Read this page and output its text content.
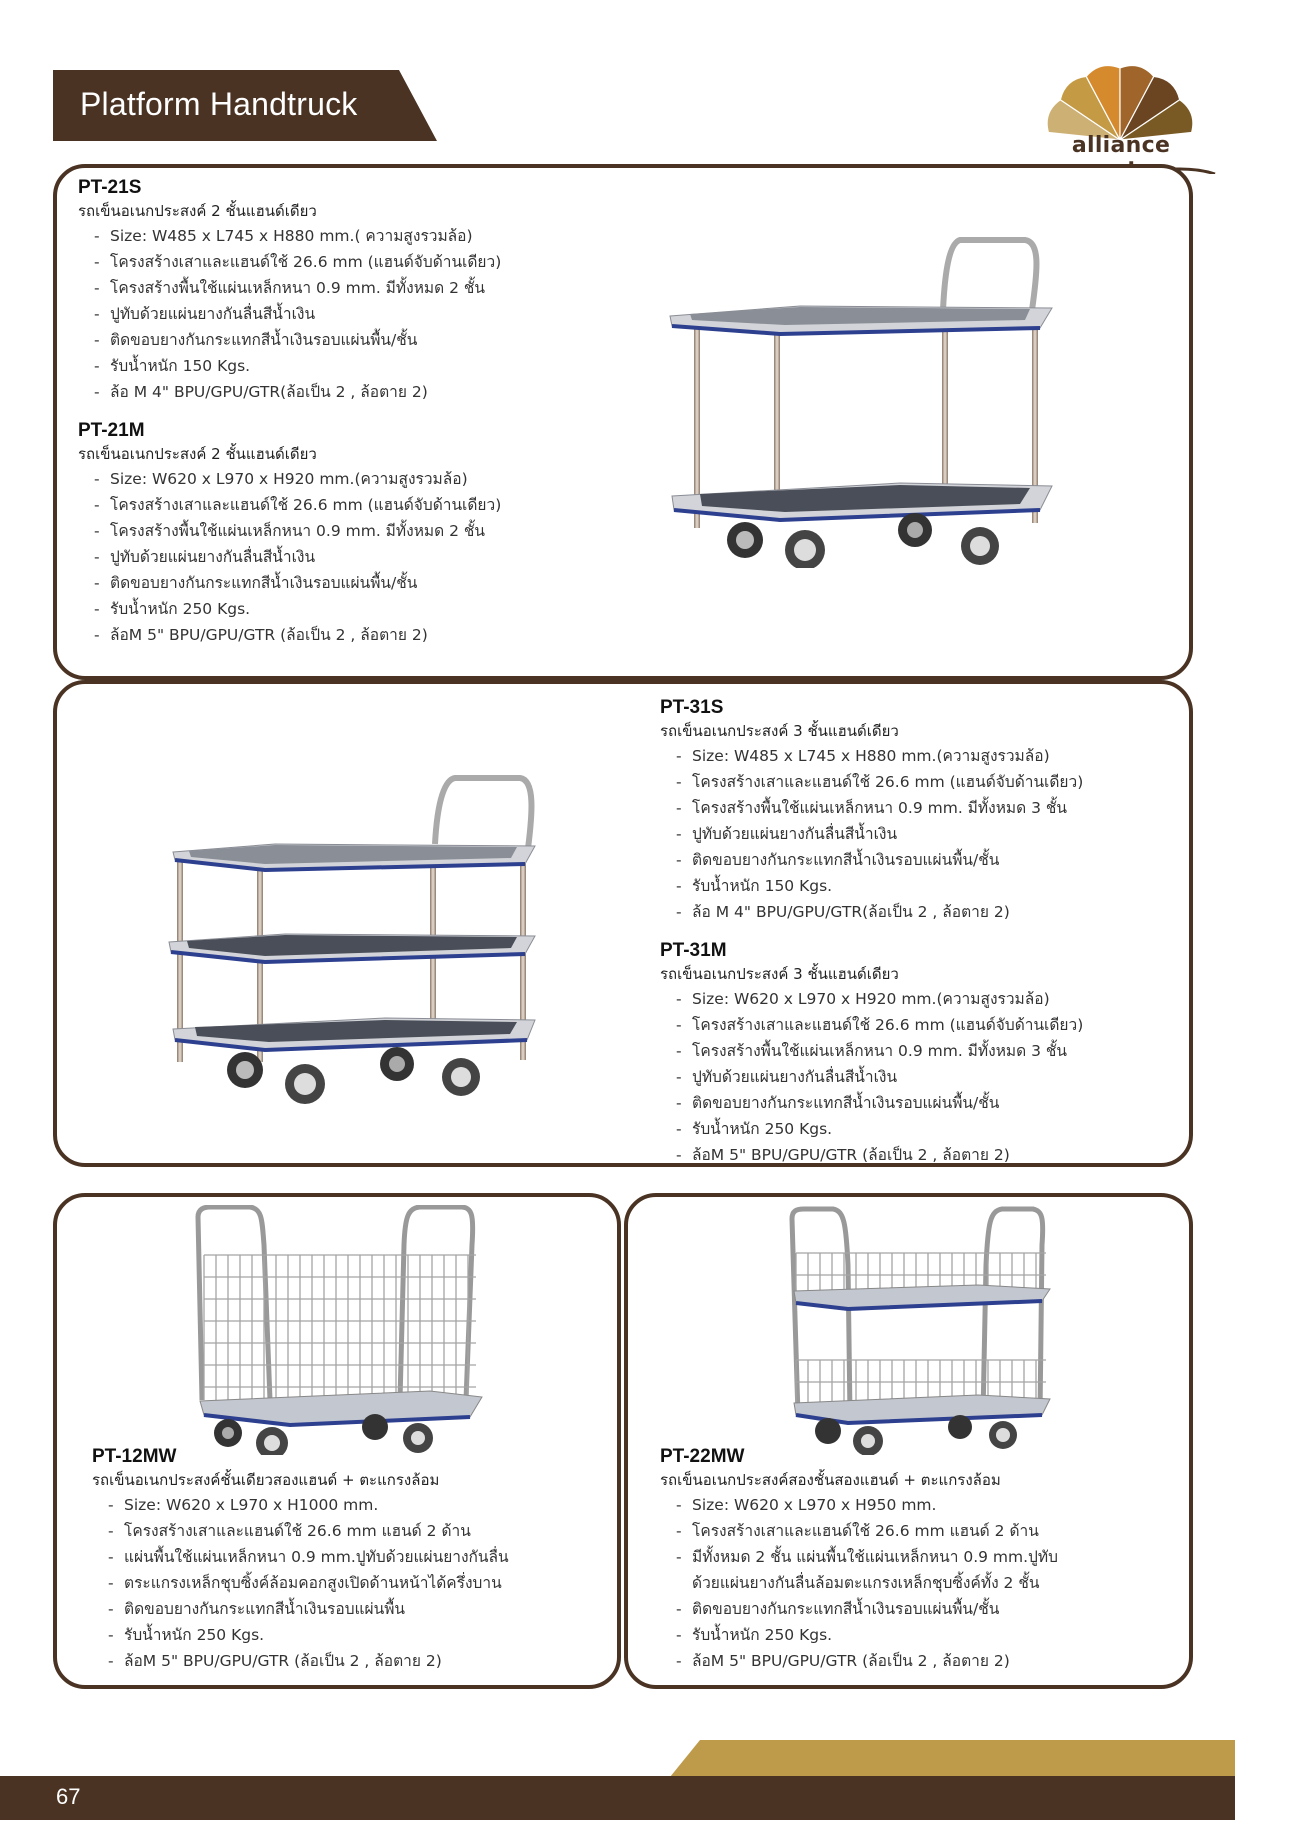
Platform Handtruck
alliance
PT-21S
รถเข็นอเนกประสงค์ 2 ชั้นแฮนด์เดียว
- Size: W485 x L745 x H880 mm.( ความสูงรวมล้อ)
- โครงสร้างเสาและแฮนด์ใช้ 26.6 mm (แฮนด์จับด้านเดียว)
- โครงสร้างพื้นใช้แผ่นเหล็กหนา 0.9 mm. มีทั้งหมด 2 ชั้น
- ปูทับด้วยแผ่นยางกันลื่นสีน้ำเงิน
- ติดขอบยางกันกระแทกสีน้ำเงินรอบแผ่นพื้น/ชั้น
- รับน้ำหนัก 150 Kgs.
- ล้อ M 4" BPU/GPU/GTR(ล้อเป็น 2 , ล้อตาย 2)
PT-21M
รถเข็นอเนกประสงค์ 2 ชั้นแฮนด์เดียว
- Size: W620 x L970 x H920 mm.(ความสูงรวมล้อ)
- โครงสร้างเสาและแฮนด์ใช้ 26.6 mm (แฮนด์จับด้านเดียว)
- โครงสร้างพื้นใช้แผ่นเหล็กหนา 0.9 mm. มีทั้งหมด 2 ชั้น
- ปูทับด้วยแผ่นยางกันลื่นสีน้ำเงิน
- ติดขอบยางกันกระแทกสีน้ำเงินรอบแผ่นพื้น/ชั้น
- รับน้ำหนัก 250 Kgs.
- ล้อM 5" BPU/GPU/GTR (ล้อเป็น 2 , ล้อตาย 2)
PT-31S
รถเข็นอเนกประสงค์ 3 ชั้นแฮนด์เดียว
- Size: W485 x L745 x H880 mm.(ความสูงรวมล้อ)
- โครงสร้างเสาและแฮนด์ใช้ 26.6 mm (แฮนด์จับด้านเดียว)
- โครงสร้างพื้นใช้แผ่นเหล็กหนา 0.9 mm. มีทั้งหมด 3 ชั้น
- ปูทับด้วยแผ่นยางกันลื่นสีน้ำเงิน
- ติดขอบยางกันกระแทกสีน้ำเงินรอบแผ่นพื้น/ชั้น
- รับน้ำหนัก 150 Kgs.
- ล้อ M 4" BPU/GPU/GTR(ล้อเป็น 2 , ล้อตาย 2)
PT-31M
รถเข็นอเนกประสงค์ 3 ชั้นแฮนด์เดียว
- Size: W620 x L970 x H920 mm.(ความสูงรวมล้อ)
- โครงสร้างเสาและแฮนด์ใช้ 26.6 mm (แฮนด์จับด้านเดียว)
- โครงสร้างพื้นใช้แผ่นเหล็กหนา 0.9 mm. มีทั้งหมด 3 ชั้น
- ปูทับด้วยแผ่นยางกันลื่นสีน้ำเงิน
- ติดขอบยางกันกระแทกสีน้ำเงินรอบแผ่นพื้น/ชั้น
- รับน้ำหนัก 250 Kgs.
- ล้อM 5" BPU/GPU/GTR (ล้อเป็น 2 , ล้อตาย 2)
PT-12MW
รถเข็นอเนกประสงค์ชั้นเดียวสองแฮนด์ + ตะแกรงล้อม
- Size: W620 x L970 x H1000 mm.
- โครงสร้างเสาและแฮนด์ใช้ 26.6 mm แฮนด์ 2 ด้าน
- แผ่นพื้นใช้แผ่นเหล็กหนา 0.9 mm.ปูทับด้วยแผ่นยางกันลื่น
- ตระแกรงเหล็กชุบซิ้งค์ล้อมคอกสูงเปิดด้านหน้าได้ครึ่งบาน
- ติดขอบยางกันกระแทกสีน้ำเงินรอบแผ่นพื้น
- รับน้ำหนัก 250 Kgs.
- ล้อM 5" BPU/GPU/GTR (ล้อเป็น 2 , ล้อตาย 2)
PT-22MW
รถเข็นอเนกประสงค์สองชั้นสองแฮนด์ + ตะแกรงล้อม
- Size: W620 x L970 x H950 mm.
- โครงสร้างเสาและแฮนด์ใช้ 26.6 mm แฮนด์ 2 ด้าน
- มีทั้งหมด 2 ชั้น แผ่นพื้นใช้แผ่นเหล็กหนา 0.9 mm.ปูทับ
ด้วยแผ่นยางกันลื่นล้อมตะแกรงเหล็กชุบซิ้งค์ทั้ง 2 ชั้น
- ติดขอบยางกันกระแทกสีน้ำเงินรอบแผ่นพื้น/ชั้น
- รับน้ำหนัก 250 Kgs.
- ล้อM 5" BPU/GPU/GTR (ล้อเป็น 2 , ล้อตาย 2)
67
